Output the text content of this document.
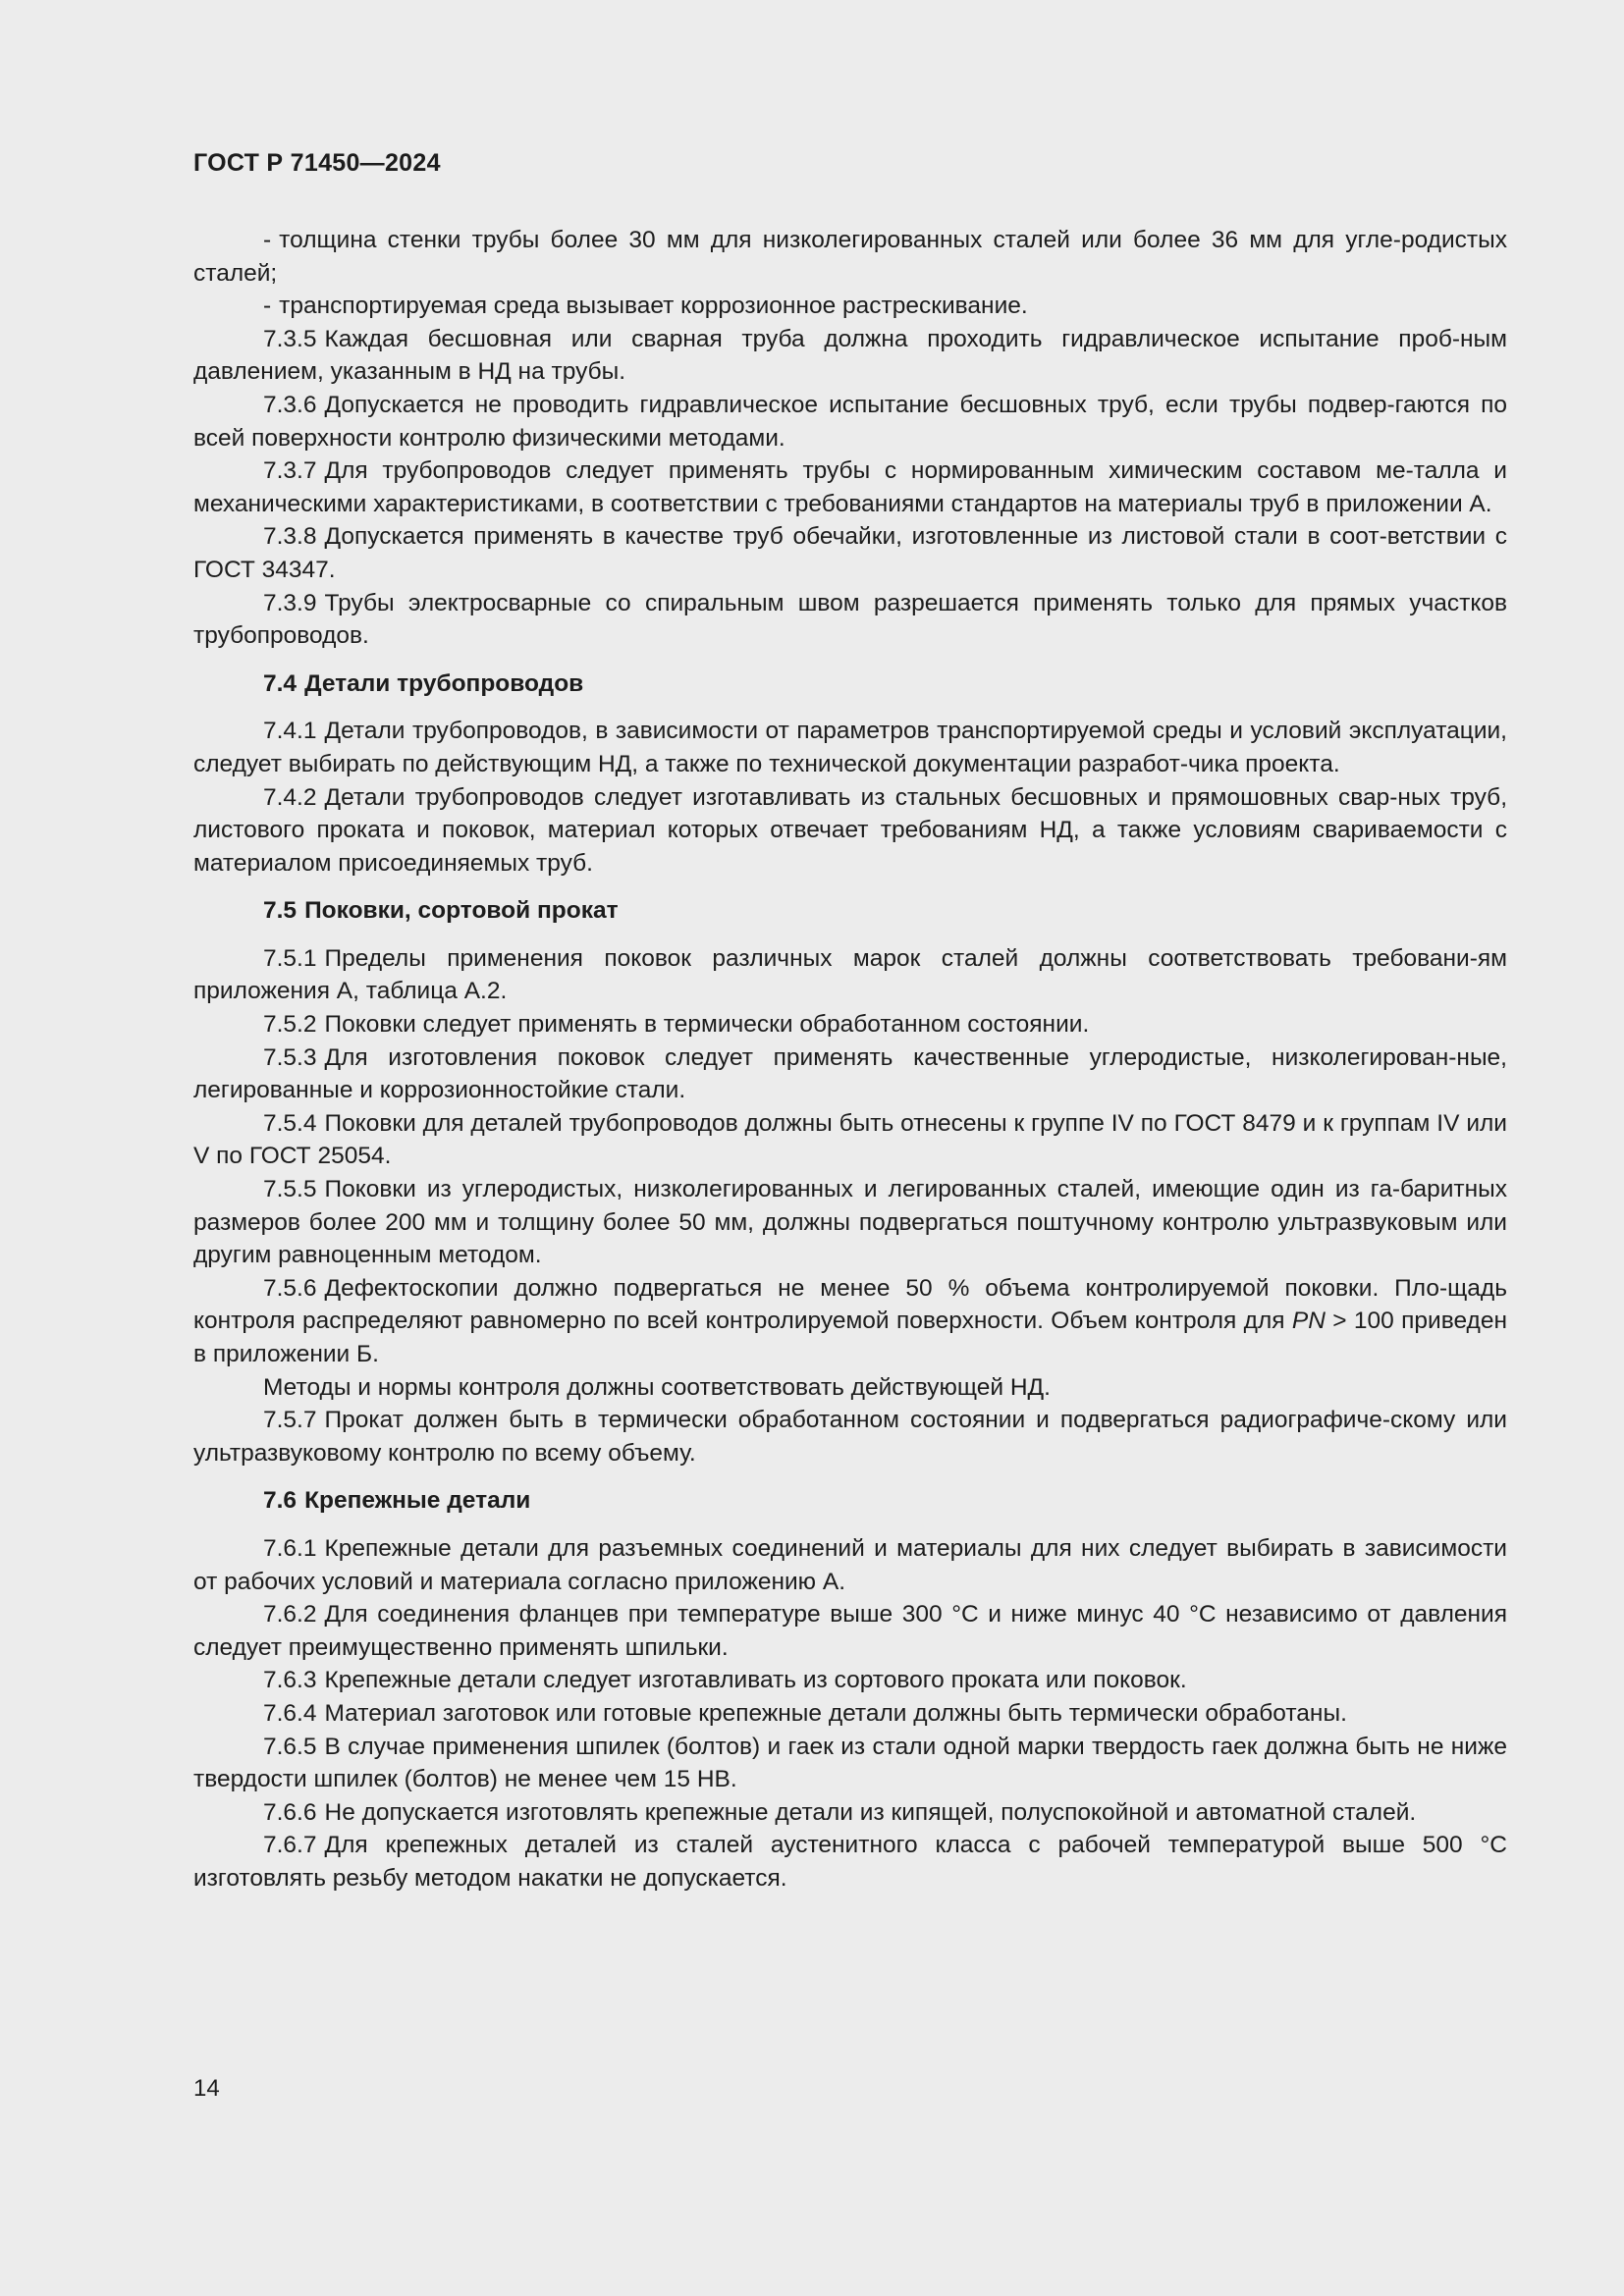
ГОСТ Р 71450—2024

- толщина стенки трубы более 30 мм для низколегированных сталей или более 36 мм для угле-родистых сталей;

- транспортируемая среда вызывает коррозионное растрескивание.

7.3.5 Каждая бесшовная или сварная труба должна проходить гидравлическое испытание проб-ным давлением, указанным в НД на трубы.

7.3.6 Допускается не проводить гидравлическое испытание бесшовных труб, если трубы подвер-гаются по всей поверхности контролю физическими методами.

7.3.7 Для трубопроводов следует применять трубы с нормированным химическим составом ме-талла и механическими характеристиками, в соответствии с требованиями стандартов на материалы труб в приложении А.

7.3.8 Допускается применять в качестве труб обечайки, изготовленные из листовой стали в соот-ветствии с ГОСТ 34347.

7.3.9 Трубы электросварные со спиральным швом разрешается применять только для прямых участков трубопроводов.

7.4 Детали трубопроводов

7.4.1 Детали трубопроводов, в зависимости от параметров транспортируемой среды и условий эксплуатации, следует выбирать по действующим НД, а также по технической документации разработ-чика проекта.

7.4.2 Детали трубопроводов следует изготавливать из стальных бесшовных и прямошовных свар-ных труб, листового проката и поковок, материал которых отвечает требованиям НД, а также условиям свариваемости с материалом присоединяемых труб.

7.5 Поковки, сортовой прокат

7.5.1 Пределы применения поковок различных марок сталей должны соответствовать требовани-ям приложения А, таблица А.2.

7.5.2 Поковки следует применять в термически обработанном состоянии.

7.5.3 Для изготовления поковок следует применять качественные углеродистые, низколегирован-ные, легированные и коррозионностойкие стали.

7.5.4 Поковки для деталей трубопроводов должны быть отнесены к группе IV по ГОСТ 8479 и к группам IV или V по ГОСТ 25054.

7.5.5 Поковки из углеродистых, низколегированных и легированных сталей, имеющие один из га-баритных размеров более 200 мм и толщину более 50 мм, должны подвергаться поштучному контролю ультразвуковым или другим равноценным методом.

7.5.6 Дефектоскопии должно подвергаться не менее 50 % объема контролируемой поковки. Пло-щадь контроля распределяют равномерно по всей контролируемой поверхности. Объем контроля для PN > 100 приведен в приложении Б.

Методы и нормы контроля должны соответствовать действующей НД.

7.5.7 Прокат должен быть в термически обработанном состоянии и подвергаться радиографиче-скому или ультразвуковому контролю по всему объему.

7.6 Крепежные детали

7.6.1 Крепежные детали для разъемных соединений и материалы для них следует выбирать в зависимости от рабочих условий и материала согласно приложению А.

7.6.2 Для соединения фланцев при температуре выше 300 °С и ниже минус 40 °С независимо от давления следует преимущественно применять шпильки.

7.6.3 Крепежные детали следует изготавливать из сортового проката или поковок.

7.6.4 Материал заготовок или готовые крепежные детали должны быть термически обработаны.

7.6.5 В случае применения шпилек (болтов) и гаек из стали одной марки твердость гаек должна быть не ниже твердости шпилек (болтов) не менее чем 15 НВ.

7.6.6 Не допускается изготовлять крепежные детали из кипящей, полуспокойной и автоматной сталей.

7.6.7 Для крепежных деталей из сталей аустенитного класса с рабочей температурой выше 500 °С изготовлять резьбу методом накатки не допускается.

14
